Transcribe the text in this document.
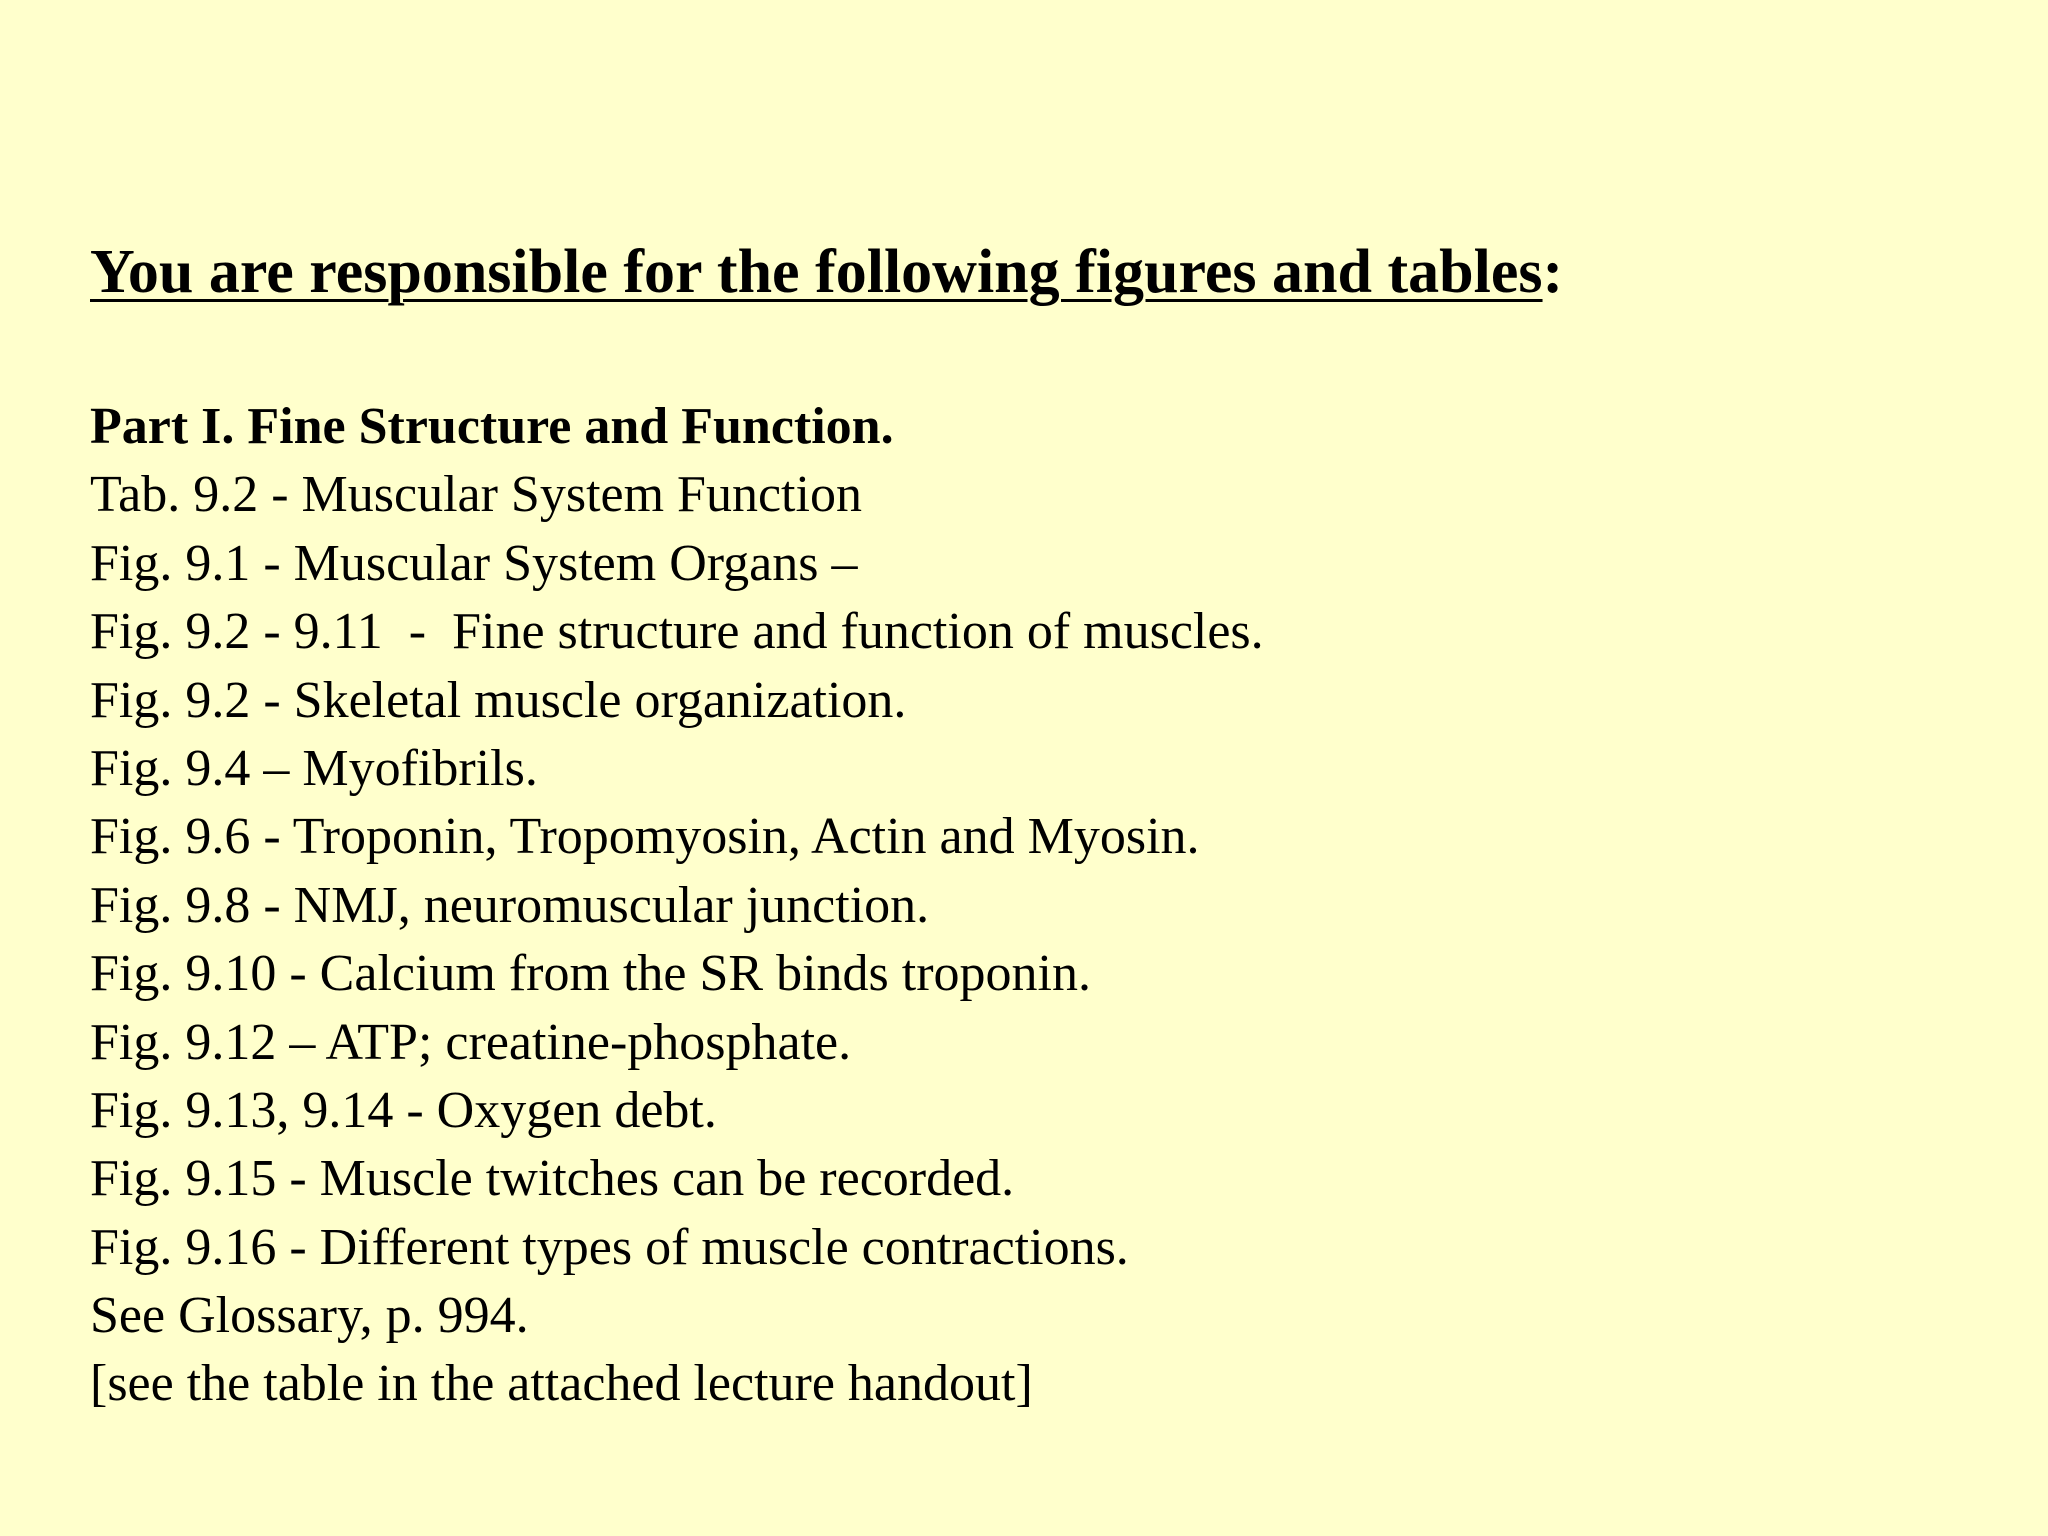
You are responsible for the following figures and tables:
Part I. Fine Structure and Function.
Tab. 9.2 - Muscular System Function
Fig. 9.1 - Muscular System Organs –
Fig. 9.2 - 9.11  -  Fine structure and function of muscles.
Fig. 9.2 - Skeletal muscle organization.
Fig. 9.4 – Myofibrils.
Fig. 9.6 - Troponin, Tropomyosin, Actin and Myosin.
Fig. 9.8 - NMJ, neuromuscular junction.
Fig. 9.10 - Calcium from the SR binds troponin.
Fig. 9.12 – ATP; creatine-phosphate.
Fig. 9.13, 9.14 - Oxygen debt.
Fig. 9.15 - Muscle twitches can be recorded.
Fig. 9.16 - Different types of muscle contractions.
See Glossary, p. 994.
[see the table in the attached lecture handout]
